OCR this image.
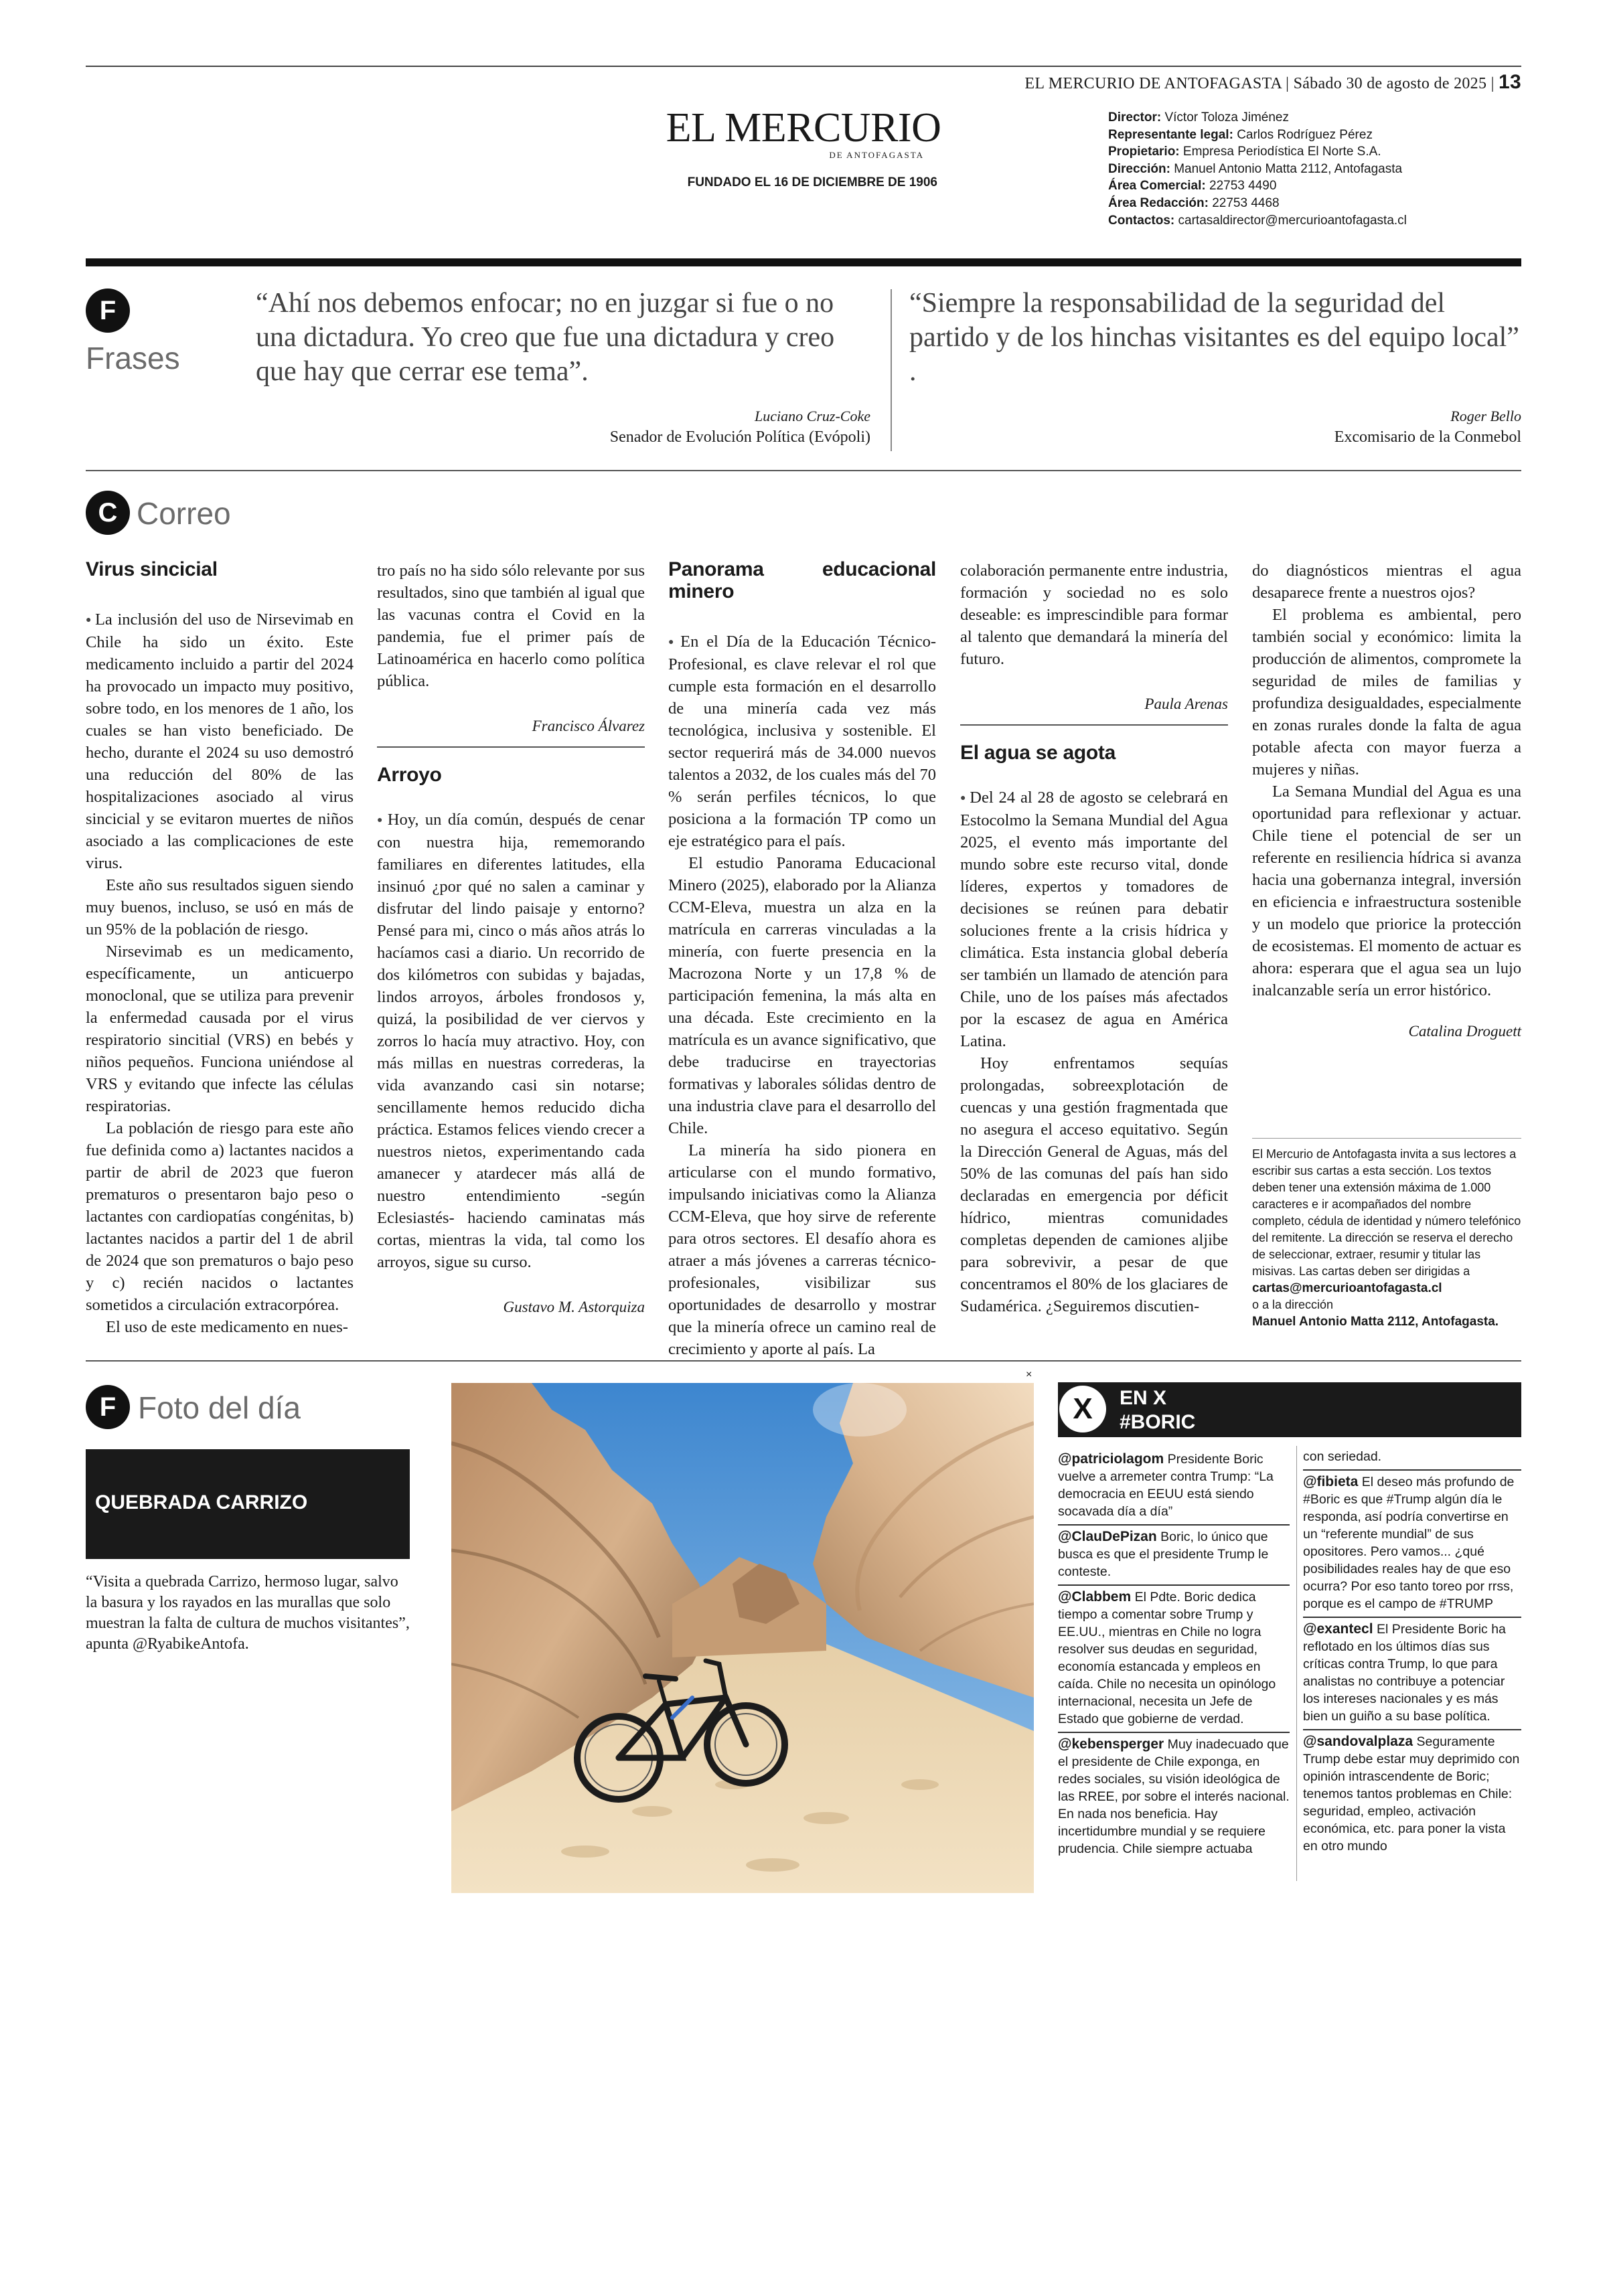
EL MERCURIO DE ANTOFAGASTA | Sábado 30 de agosto de 2025 | 13
EL MERCURIO
DE ANTOFAGASTA
FUNDADO EL 16 DE DICIEMBRE DE 1906
Director: Víctor Toloza Jiménez
Representante legal: Carlos Rodríguez Pérez
Propietario: Empresa Periodística El Norte S.A.
Dirección: Manuel Antonio Matta 2112, Antofagasta
Área Comercial: 22753 4490
Área Redacción: 22753 4468
Contactos: cartasaldirector@mercurioantofagasta.cl
F
Frases
“Ahí nos debemos enfocar; no en juzgar si fue o no una dictadura. Yo creo que fue una dictadura y creo que hay que cerrar ese tema”.
Luciano Cruz-Coke
Senador de Evolución Política (Evópoli)
“Siempre la responsabilidad de la seguridad del partido y de los hinchas visitantes es del equipo local” .
Roger Bello
Excomisario de la Conmebol
C Correo
Virus sincicial

● La inclusión del uso de Nirsevimab en Chile ha sido un éxito. Este medicamento incluido a partir del 2024 ha provocado un impacto muy positivo, sobre todo, en los menores de 1 año, los cuales se han visto beneficiado. De hecho, durante el 2024 su uso demostró una reducción del 80% de las hospitalizaciones asociado al virus sincicial y se evitaron muertes de niños asociado a las complicaciones de este virus.

Este año sus resultados siguen siendo muy buenos, incluso, se usó en más de un 95% de la población de riesgo.

Nirsevimab es un medicamento, específicamente, un anticuerpo monoclonal, que se utiliza para prevenir la enfermedad causada por el virus respiratorio sincitial (VRS) en bebés y niños pequeños. Funciona uniéndose al VRS y evitando que infecte las células respiratorias.

La población de riesgo para este año fue definida como a) lactantes nacidos a partir de abril de 2023 que fueron prematuros o presentaron bajo peso o lactantes con cardiopatías congénitas, b) lactantes nacidos a partir del 1 de abril de 2024 que son prematuros o bajo peso y c) recién nacidos o lactantes sometidos a circulación extracorpórea.

El uso de este medicamento en nues-

tro país no ha sido sólo relevante por sus resultados, sino que también al igual que las vacunas contra el Covid en la pandemia, fue el primer país de Latinoamérica en hacerlo como política pública.

Francisco Álvarez

Arroyo

● Hoy, un día común, después de cenar con nuestra hija, rememorando familiares en diferentes latitudes, ella insinuó ¿por qué no salen a caminar y disfrutar del lindo paisaje y entorno? Pensé para mi, cinco o más años atrás lo hacíamos casi a diario. Un recorrido de dos kilómetros con subidas y bajadas, lindos arroyos, árboles frondosos y, quizá, la posibilidad de ver ciervos y zorros lo hacía muy atractivo. Hoy, con más millas en nuestras correderas, la vida avanzando casi sin notarse; sencillamente hemos reducido dicha práctica. Estamos felices viendo crecer a nuestros nietos, experimentando cada amanecer y atardecer más allá de nuestro entendimiento -según Eclesiastés- haciendo caminatas más cortas, mientras la vida, tal como los arroyos, sigue su curso.

Gustavo M. Astorquiza

Panorama educacional minero

● En el Día de la Educación Técnico-Profesional, es clave relevar el rol que cumple esta formación en el desarrollo de una minería cada vez más tecnológica, inclusiva y sostenible. El sector requerirá más de 34.000 nuevos talentos a 2032, de los cuales más del 70 % serán perfiles técnicos, lo que posiciona a la formación TP como un eje estratégico para el país.

El estudio Panorama Educacional Minero (2025), elaborado por la Alianza CCM-Eleva, muestra un alza en la matrícula en carreras vinculadas a la minería, con fuerte presencia en la Macrozona Norte y un 17,8 % de participación femenina, la más alta en una década. Este crecimiento en la matrícula es un avance significativo, que debe traducirse en trayectorias formativas y laborales sólidas dentro de una industria clave para el desarrollo del Chile.

La minería ha sido pionera en articularse con el mundo formativo, impulsando iniciativas como la Alianza CCM-Eleva, que hoy sirve de referente para otros sectores. El desafío ahora es atraer a más jóvenes a carreras técnico-profesionales, visibilizar sus oportunidades de desarrollo y mostrar que la minería ofrece un camino real de crecimiento y aporte al país. La

colaboración permanente entre industria, formación y sociedad no es solo deseable: es imprescindible para formar al talento que demandará la minería del futuro.

Paula Arenas

El agua se agota

● Del 24 al 28 de agosto se celebrará en Estocolmo la Semana Mundial del Agua 2025, el evento más importante del mundo sobre este recurso vital, donde líderes, expertos y tomadores de decisiones se reúnen para debatir soluciones frente a la crisis hídrica y climática. Esta instancia global debería ser también un llamado de atención para Chile, uno de los países más afectados por la escasez de agua en América Latina.

Hoy enfrentamos sequías prolongadas, sobreexplotación de cuencas y una gestión fragmentada que no asegura el acceso equitativo. Según la Dirección General de Aguas, más del 50% de las comunas del país han sido declaradas en emergencia por déficit hídrico, mientras comunidades completas dependen de camiones aljibe para sobrevivir, a pesar de que concentramos el 80% de los glaciares de Sudamérica. ¿Seguiremos discutien-

do diagnósticos mientras el agua desaparece frente a nuestros ojos?

El problema es ambiental, pero también social y económico: limita la producción de alimentos, compromete la seguridad de miles de familias y profundiza desigualdades, especialmente en zonas rurales donde la falta de agua potable afecta con mayor fuerza a mujeres y niñas.

La Semana Mundial del Agua es una oportunidad para reflexionar y actuar. Chile tiene el potencial de ser un referente en resiliencia hídrica si avanza hacia una gobernanza integral, inversión en eficiencia e infraestructura sostenible y un modelo que priorice la protección de ecosistemas. El momento de actuar es ahora: esperara que el agua sea un lujo inalcanzable sería un error histórico.

Catalina Droguett

El Mercurio de Antofagasta invita a sus lectores a escribir sus cartas a esta sección. Los textos deben tener una extensión máxima de 1.000 caracteres e ir acompañados del nombre completo, cédula de identidad y número telefónico del remitente. La dirección se reserva el derecho de seleccionar, extraer, resumir y titular las misivas. Las cartas deben ser dirigidas a
cartas@mercurioantofagasta.cl
o a la dirección
Manuel Antonio Matta 2112, Antofagasta.
F Foto del día
QUEBRADA CARRIZO
“Visita a quebrada Carrizo, hermoso lugar, salvo la basura y los rayados en las murallas que solo muestran la falta de cultura de muchos visitantes”, apunta @RyabikeAntofa.
×
EN X
#BORIC
X
@patriciolagom Presidente Boric vuelve a arremeter contra Trump: “La democracia en EEUU está siendo socavada día a día”
@ClauDePizan Boric, lo único que busca es que el presidente Trump le conteste.
@Clabbem El Pdte. Boric dedica tiempo a comentar sobre Trump y EE.UU., mientras en Chile no logra resolver sus deudas en seguridad, economía estancada y empleos en caída. Chile no necesita un opinólogo internacional, necesita un Jefe de Estado que gobierne de verdad.
@kebensperger Muy inadecuado que el presidente de Chile exponga, en redes sociales, su visión ideológica de las RREE, por sobre el interés nacional. En nada nos beneficia. Hay incertidumbre mundial y se requiere prudencia. Chile siempre actuaba
con seriedad.
@fibieta El deseo más profundo de #Boric es que #Trump algún día le responda, así podría convertirse en un “referente mundial” de sus opositores. Pero vamos... ¿qué posibilidades reales hay de que eso ocurra? Por eso tanto toreo por rrss, porque es el campo de #TRUMP
@exantecl El Presidente Boric ha reflotado en los últimos días sus críticas contra Trump, lo que para analistas no contribuye a potenciar los intereses nacionales y es más bien un guiño a su base política.
@sandovalplaza Seguramente Trump debe estar muy deprimido con opinión intrascendente de Boric; tenemos tantos problemas en Chile: seguridad, empleo, activación económica, etc. para poner la vista en otro mundo
